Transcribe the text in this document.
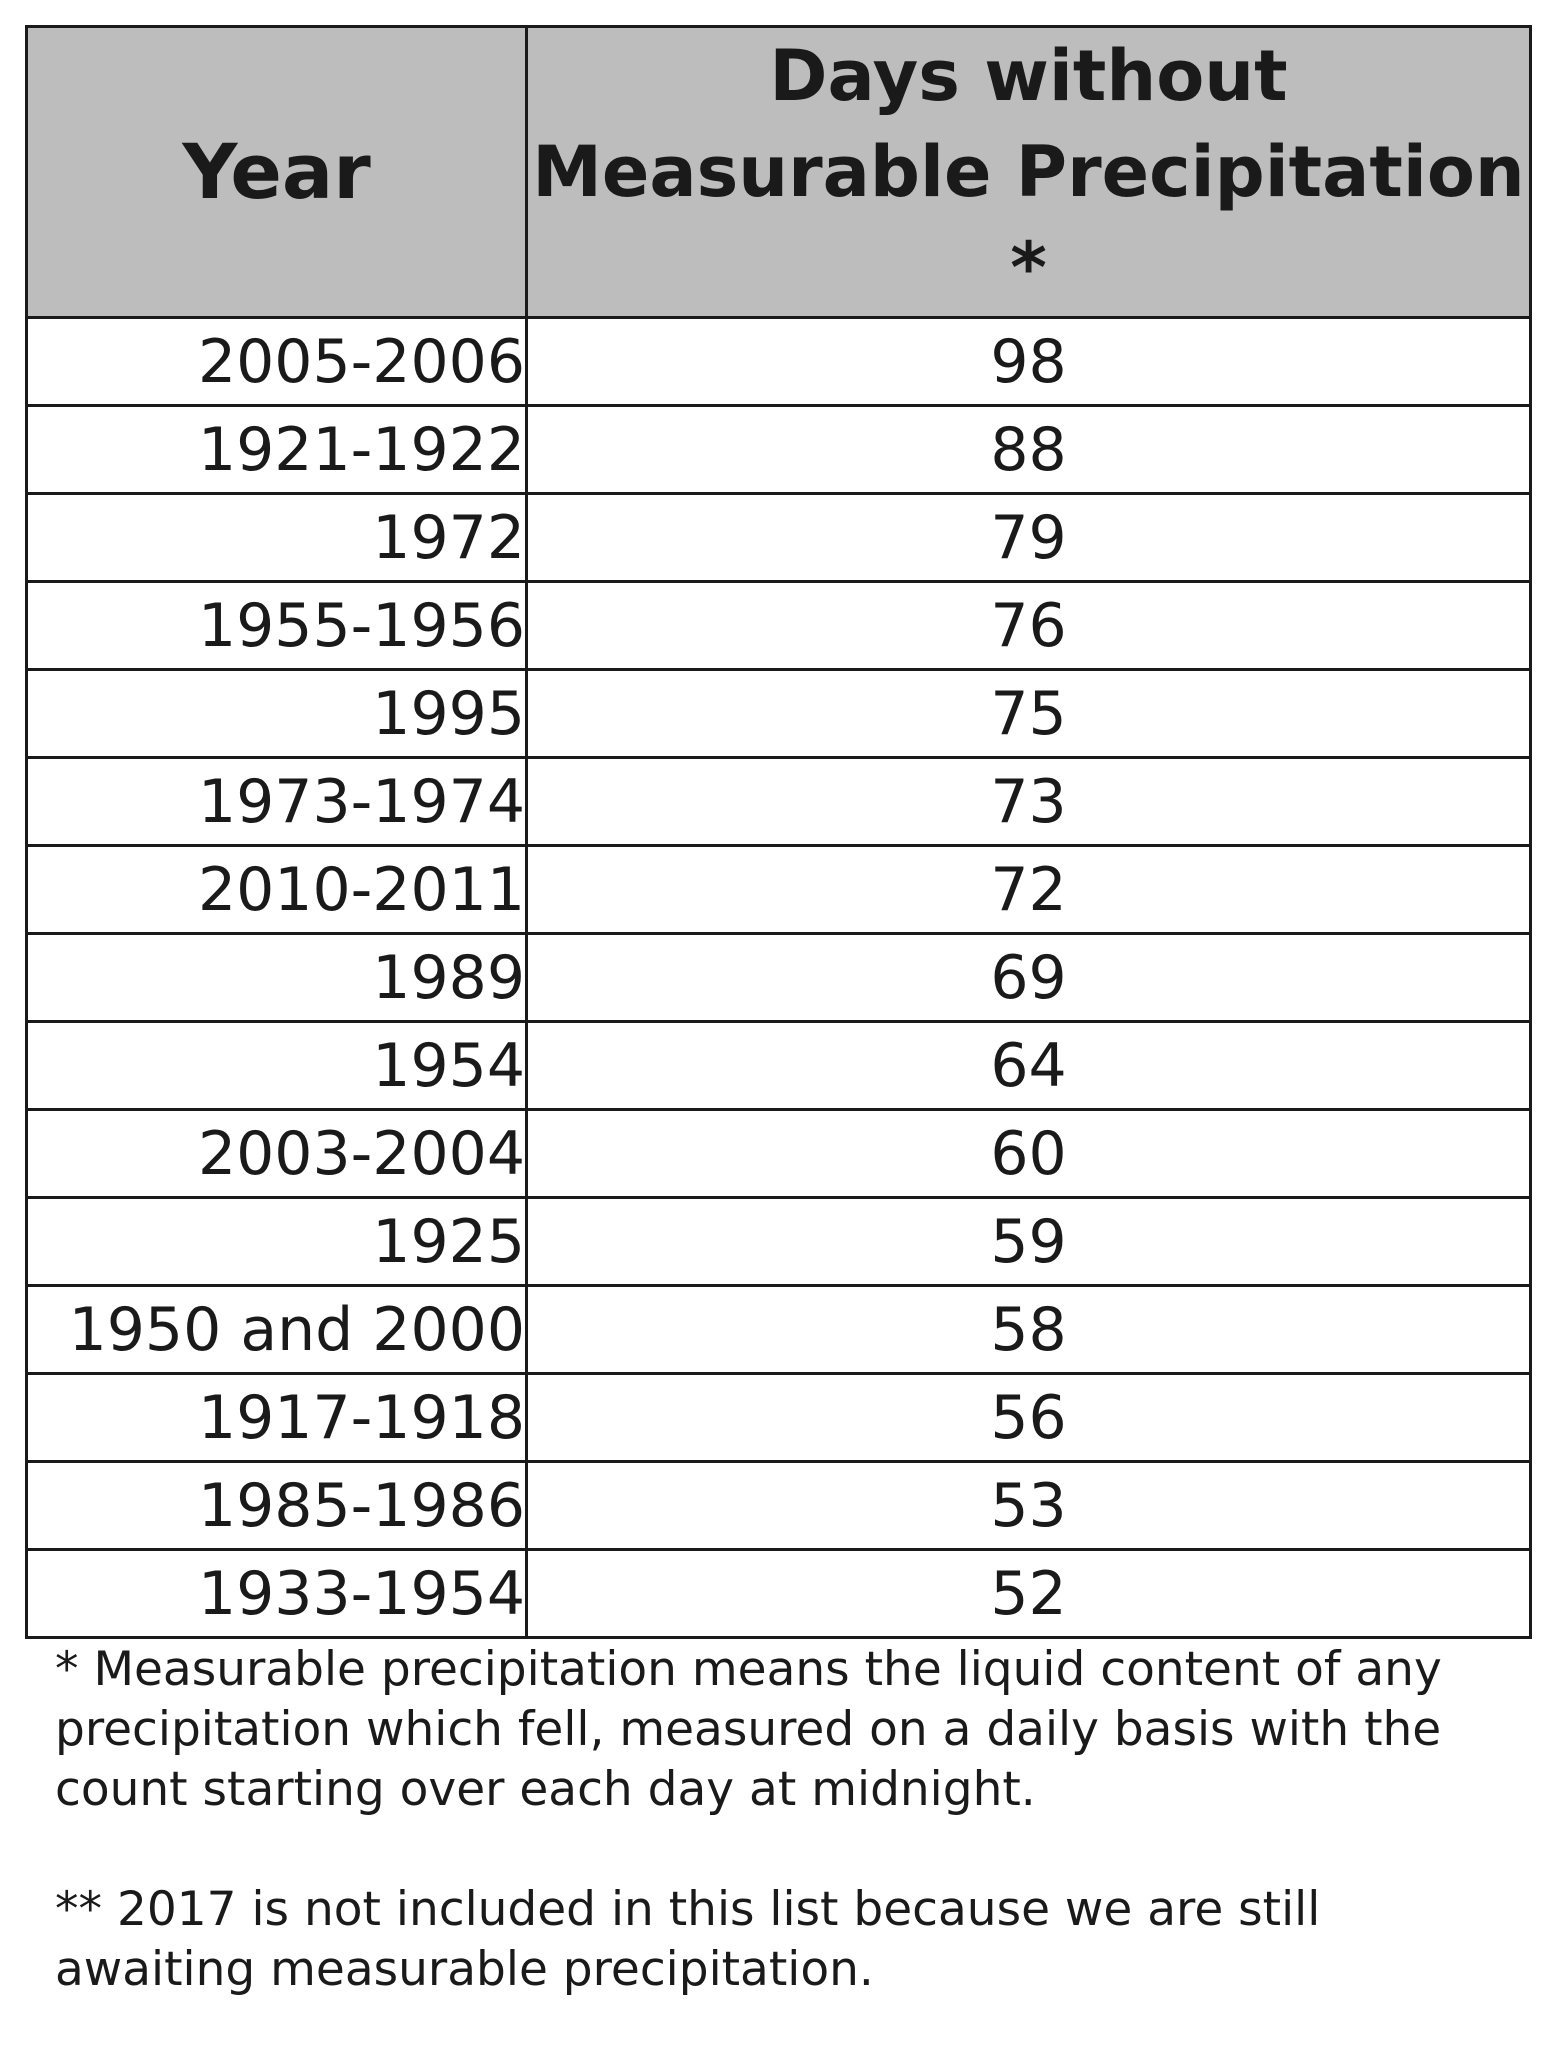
Year	Days without Measurable Precipitation *
2005-2006	98
1921-1922	88
1972	79
1955-1956	76
1995	75
1973-1974	73
2010-2011	72
1989	69
1954	64
2003-2004	60
1925	59
1950 and 2000	58
1917-1918	56
1985-1986	53
1933-1954	52

* Measurable precipitation means the liquid content of any precipitation which fell, measured on a daily basis with the count starting over each day at midnight.

** 2017 is not included in this list because we are still awaiting measurable precipitation.
